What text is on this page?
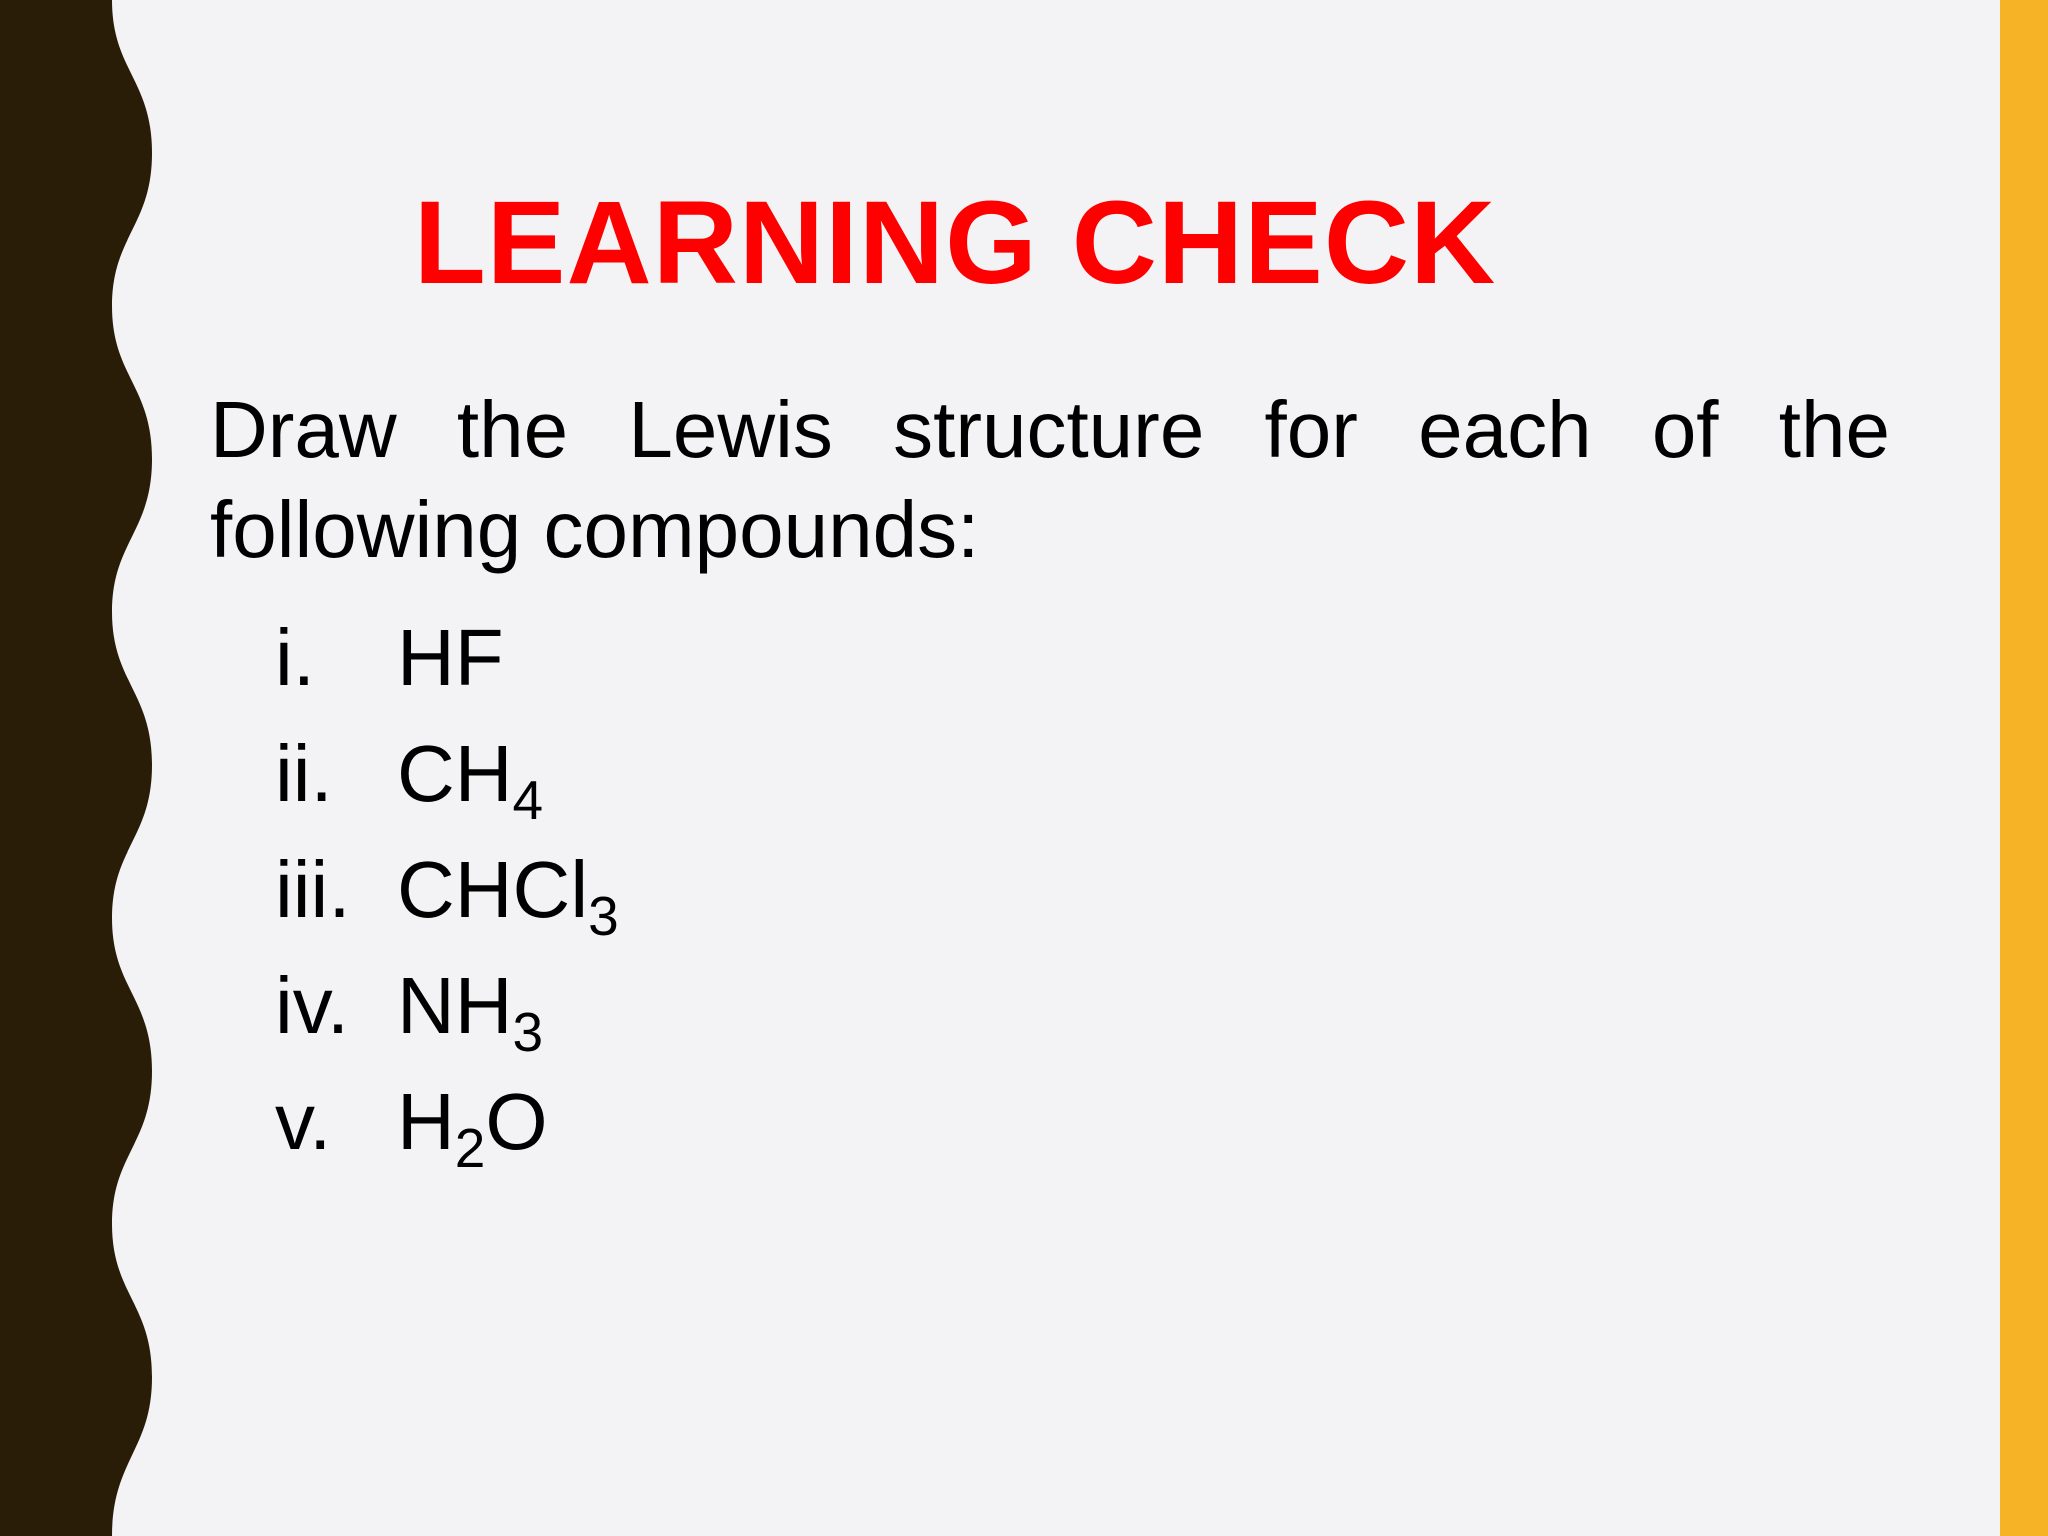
LEARNING CHECK
Draw the Lewis structure for each of the
following compounds:
i. HF
ii. $CH_4$
iii. CHCl$_3$
iv. $NH_3$
v. $H_2O$
